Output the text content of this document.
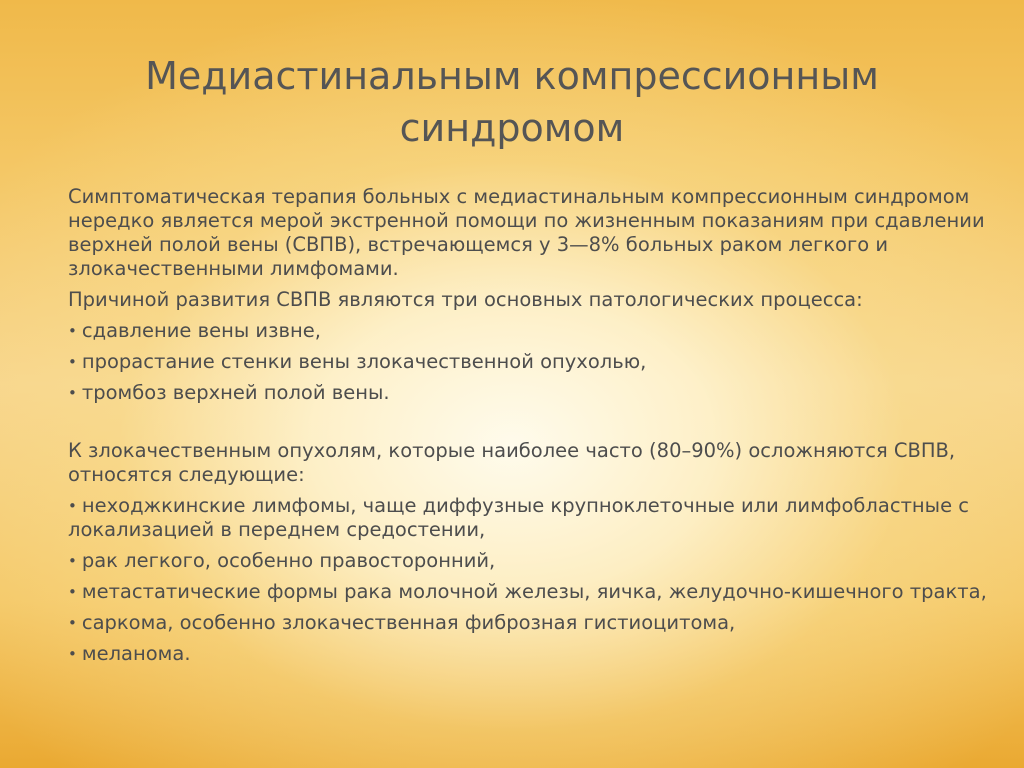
Медиастинальным компрессионным синдромом

Симптоматическая терапия больных с медиастинальным компрессионным синдромом нередко является мерой экстренной помощи по жизненным показаниям при сдавлении верхней полой вены (СВПВ), встречающемся у 3—8% больных раком легкого и злокачественными лимфомами.

Причиной развития СВПВ являются три основных патологических процесса:

• сдавление вены извне,
• прорастание стенки вены злокачественной опухолью,
• тромбоз верхней полой вены.

К злокачественным опухолям, которые наиболее часто (80–90%) осложняются СВПВ, относятся следующие:

• неходжкинские лимфомы, чаще диффузные крупноклеточные или лимфобластные с локализацией в переднем средостении,
• рак легкого, особенно правосторонний,
• метастатические формы рака молочной железы, яичка, желудочно-кишечного тракта,
• саркома, особенно злокачественная фиброзная гистиоцитома,
• меланома.
